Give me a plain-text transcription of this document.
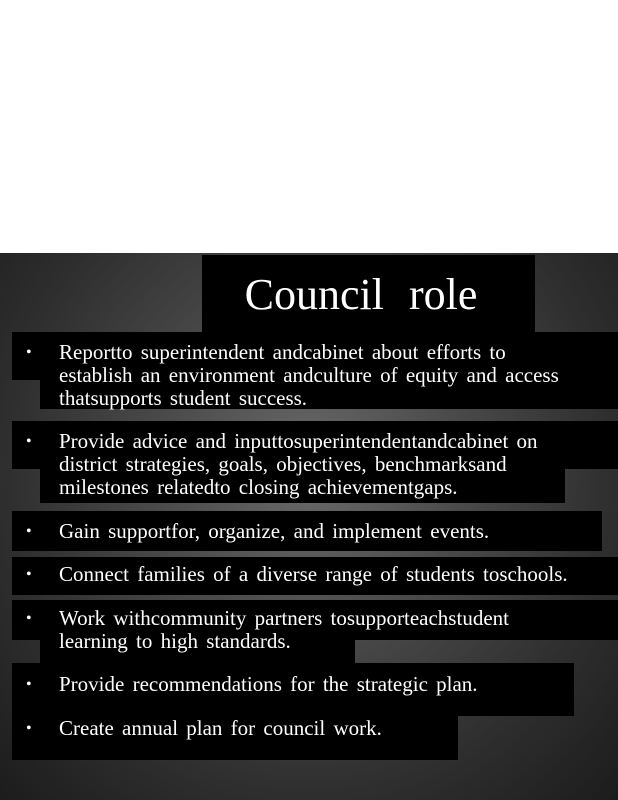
Council role
•	Reportto superintendent andcabinet about efforts to
establish an environment andculture of equity and access
thatsupports student success.
•	Provide advice and inputtosuperintendentandcabinet on
district strategies, goals, objectives, benchmarksand
milestones relatedto closing achievementgaps.
•	Gain supportfor, organize, and implement events.
•	Connect families of a diverse range of students toschools.
•	Work withcommunity partners tosupporteachstudent
learning to high standards.
•	Provide recommendations for the strategic plan.
•	Create annual plan for council work.
